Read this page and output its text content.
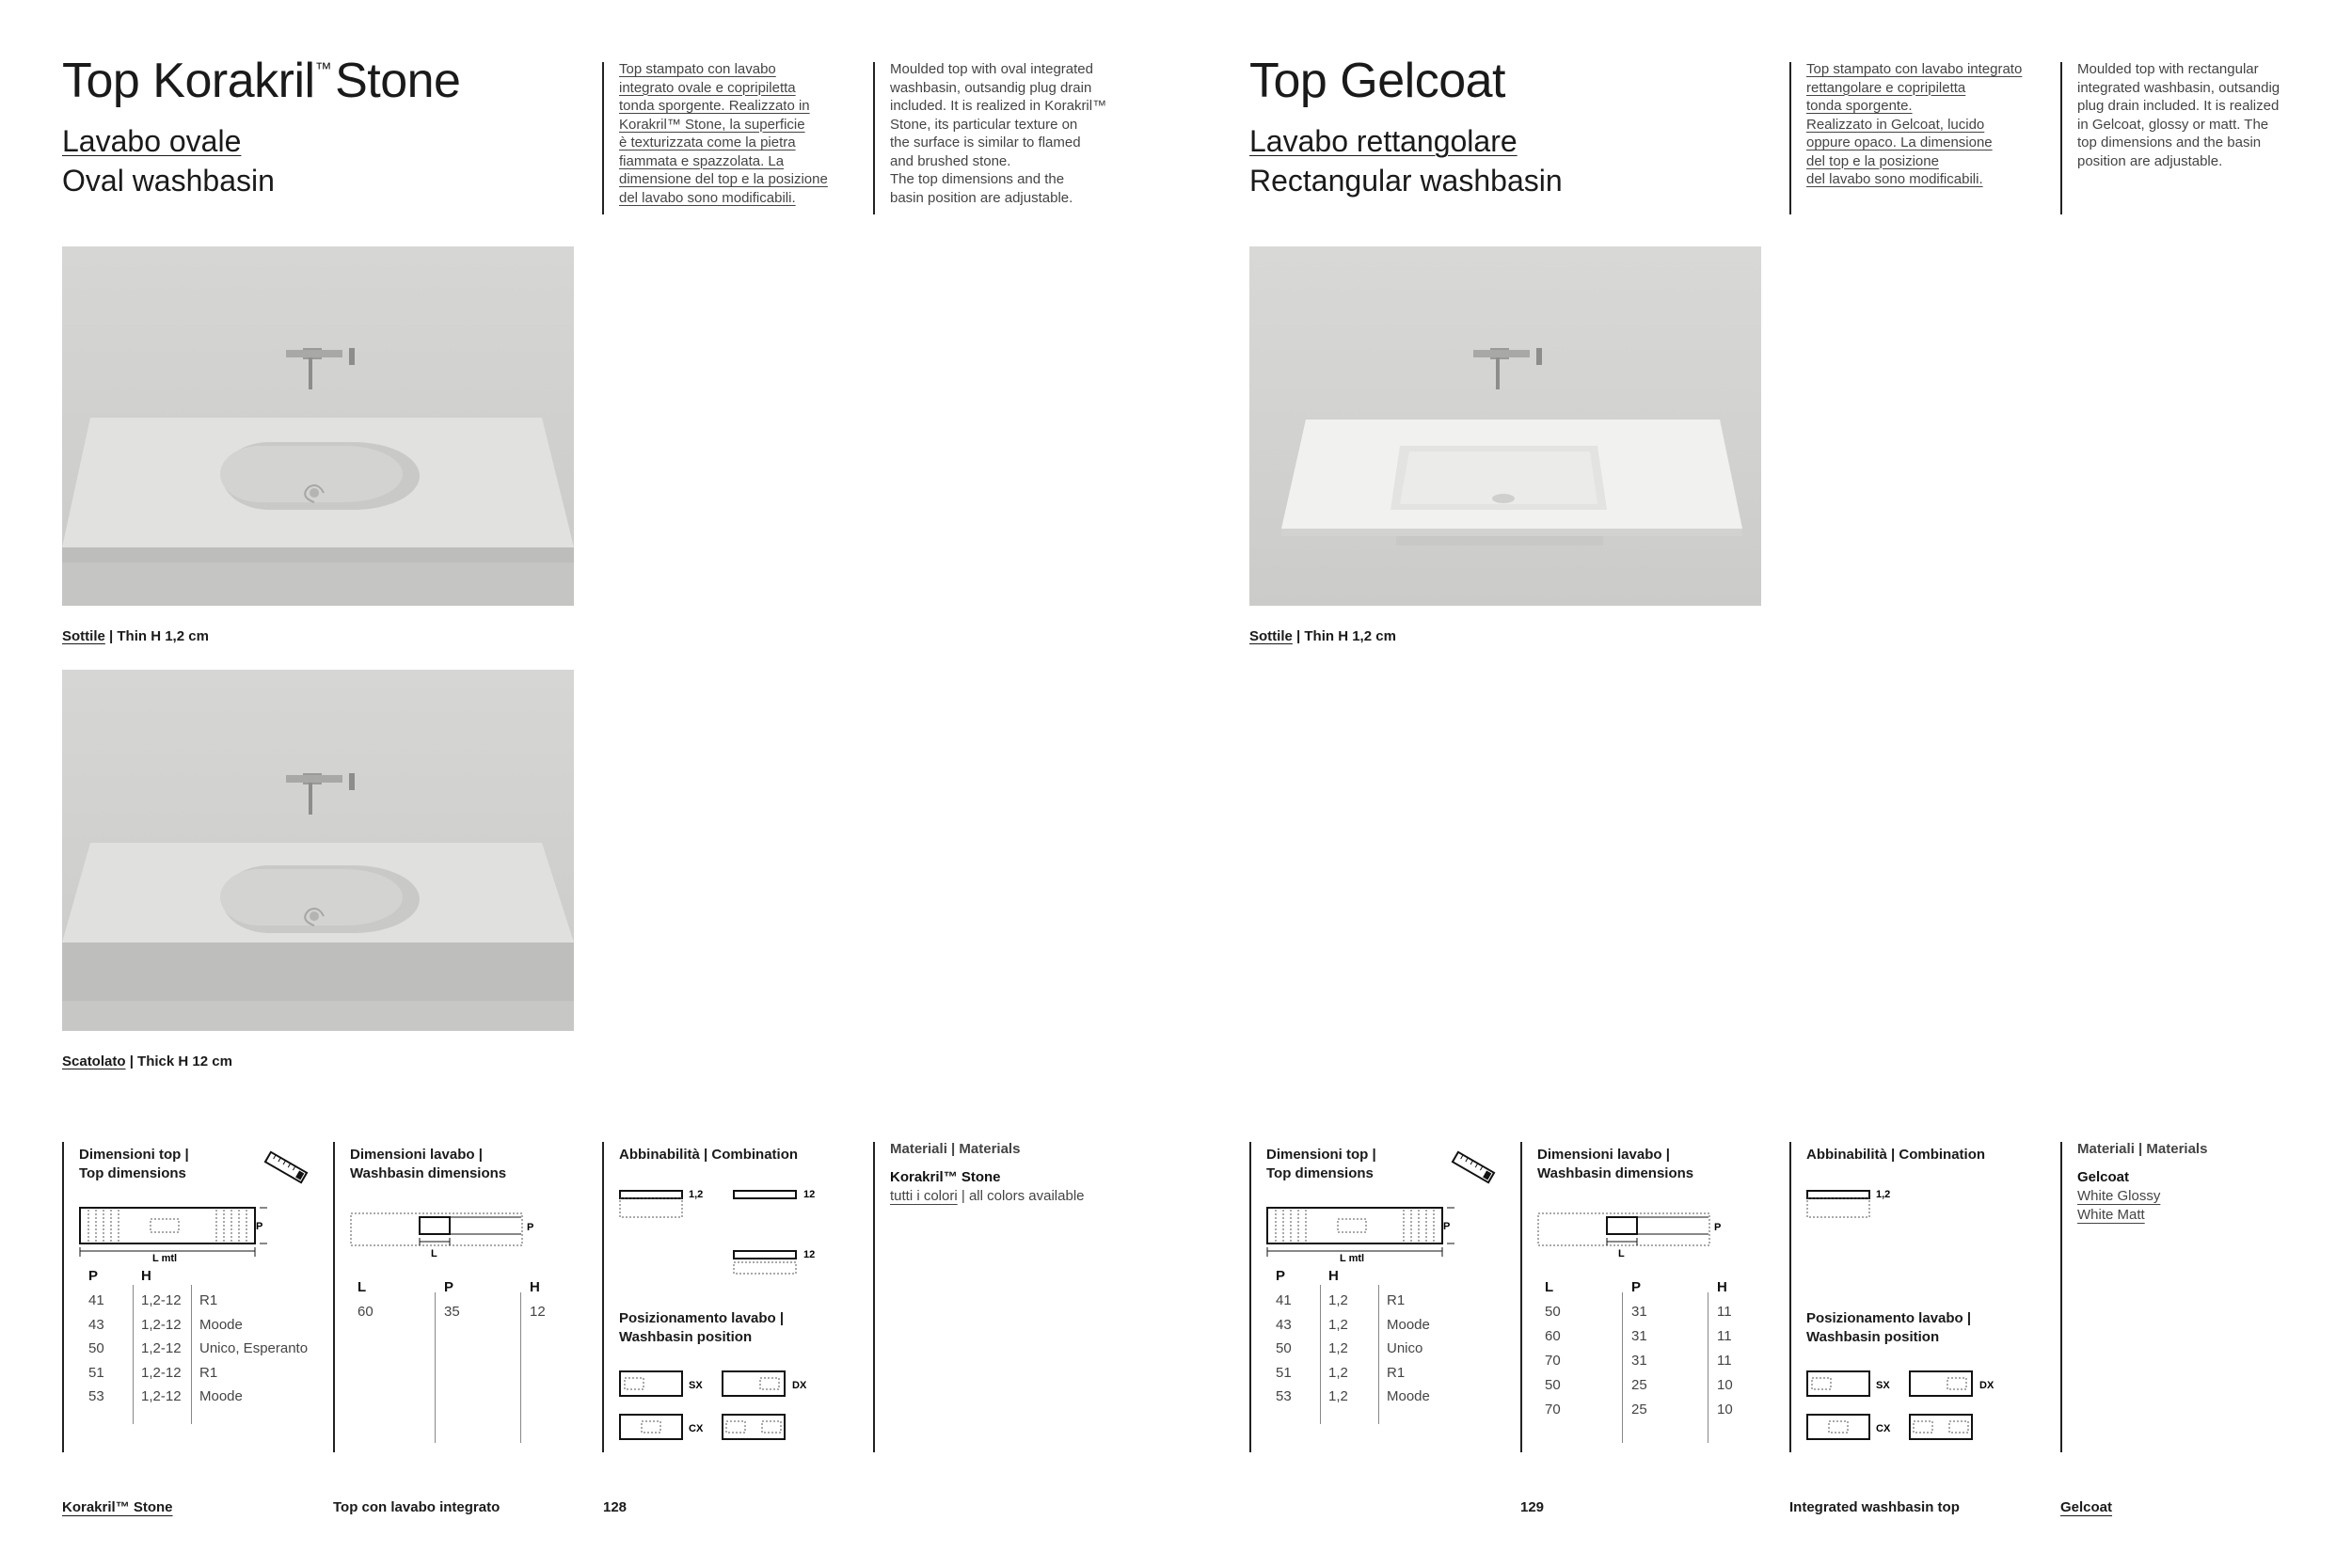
Top Korakril™Stone
Lavabo ovale
Oval washbasin
Top stampato con lavabo
integrato ovale e copripiletta
tonda sporgente. Realizzato in
Korakril™ Stone, la superficie
è texturizzata come la pietra
fiammata e spazzolata. La
dimensione del top e la posizione
del lavabo sono modificabili.
Moulded top with oval integrated
washbasin, outsandig plug drain
included. It is realized in Korakril™
Stone, its particular texture on
the surface is similar to flamed
and brushed stone.
The top dimensions and the
basin position are adjustable.
Sottile | Thin H 1,2 cm
Scatolato | Thick H 12 cm
Dimensioni top |
Top dimensions
L mtl
P
P	H
41	1,2-12 R1
43	1,2-12 Moode
50	1,2-12 Unico, Esperanto
51	1,2-12 R1
53	1,2-12 Moode
Dimensioni lavabo |
Washbasin dimensions
L
P
L	P	H
60	35	12
Abbinabilità | Combination
1,2	12
12
Posizionamento lavabo |
Washbasin position
SX	DX
CX
Materiali | Materials
Korakril™ Stone
tutti i colori | all colors available
Korakril™ Stone	Top con lavabo integrato	128
Top Gelcoat
Lavabo rettangolare
Rectangular washbasin
Top stampato con lavabo integrato
rettangolare e copripiletta
tonda sporgente.
Realizzato in Gelcoat, lucido
oppure opaco. La dimensione
del top e la posizione
del lavabo sono modificabili.
Moulded top with rectangular
integrated washbasin, outsandig
plug drain included. It is realized
in Gelcoat, glossy or matt. The
top dimensions and the basin
position are adjustable.
Sottile | Thin H 1,2 cm
Dimensioni top |
Top dimensions
L mtl
P
P	H
41	1,2	R1
43	1,2	Moode
50	1,2	Unico
51	1,2	R1
53	1,2	Moode
Dimensioni lavabo |
Washbasin dimensions
L
P
L	P	H
50	31	11
60	31	11
70	31	11
50	25	10
70	25	10
Abbinabilità | Combination
1,2
Posizionamento lavabo |
Washbasin position
SX	DX
CX
Materiali | Materials
Gelcoat
White Glossy
White Matt
129	Integrated washbasin top	Gelcoat
